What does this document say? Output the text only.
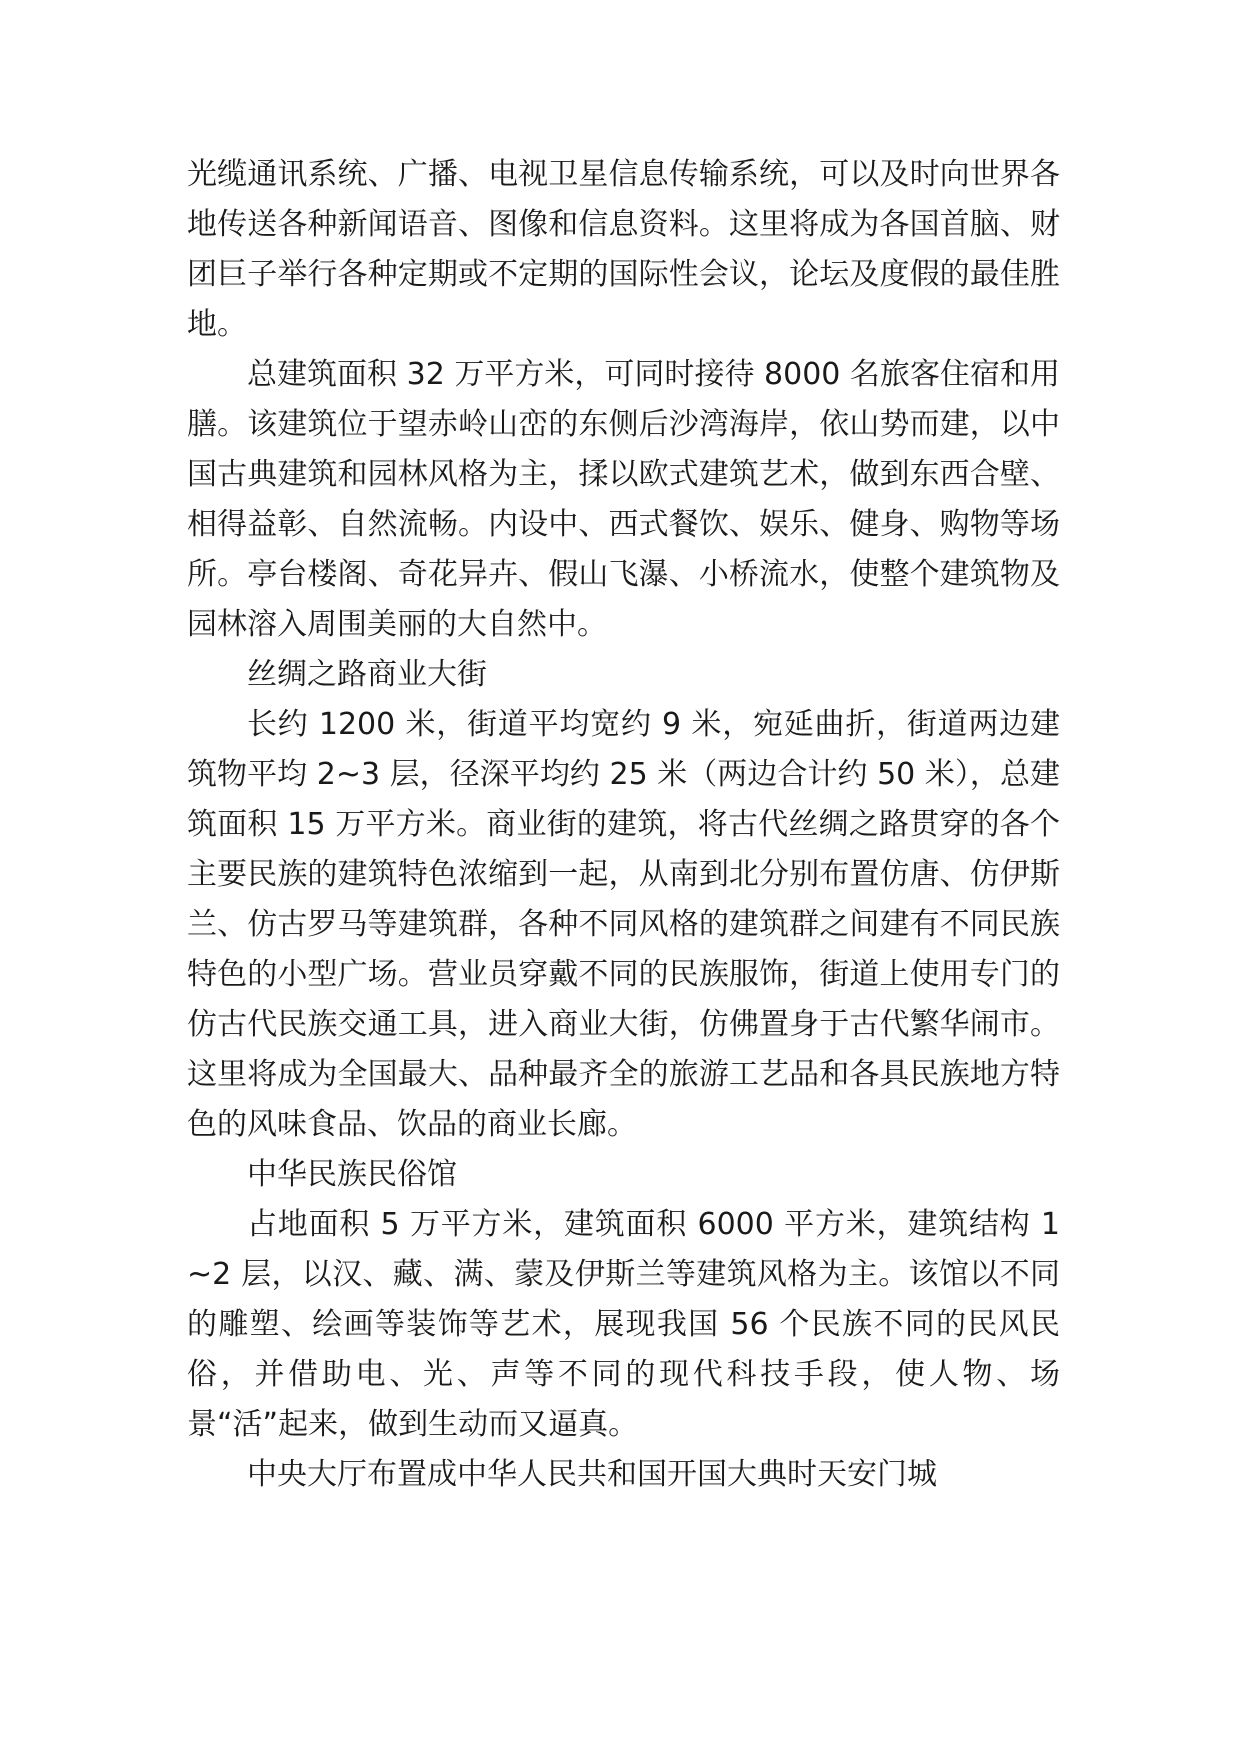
光缆通讯系统、广播、电视卫星信息传输系统，可以及时向世界各地传送各种新闻语音、图像和信息资料。这里将成为各国首脑、财团巨子举行各种定期或不定期的国际性会议，论坛及度假的最佳胜地。

总建筑面积 32 万平方米，可同时接待 8000 名旅客住宿和用膳。该建筑位于望赤岭山峦的东侧后沙湾海岸，依山势而建，以中国古典建筑和园林风格为主，揉以欧式建筑艺术，做到东西合壁、相得益彰、自然流畅。内设中、西式餐饮、娱乐、健身、购物等场所。亭台楼阁、奇花异卉、假山飞瀑、小桥流水，使整个建筑物及园林溶入周围美丽的大自然中。

丝绸之路商业大街

长约 1200 米，街道平均宽约 9 米，宛延曲折，街道两边建筑物平均 2~3 层，径深平均约 25 米（两边合计约 50 米），总建筑面积 15 万平方米。商业街的建筑，将古代丝绸之路贯穿的各个主要民族的建筑特色浓缩到一起，从南到北分别布置仿唐、仿伊斯兰、仿古罗马等建筑群，各种不同风格的建筑群之间建有不同民族特色的小型广场。营业员穿戴不同的民族服饰，街道上使用专门的仿古代民族交通工具，进入商业大街，仿佛置身于古代繁华闹市。这里将成为全国最大、品种最齐全的旅游工艺品和各具民族地方特色的风味食品、饮品的商业长廊。

中华民族民俗馆

占地面积 5 万平方米，建筑面积 6000 平方米，建筑结构 1~2 层，以汉、藏、满、蒙及伊斯兰等建筑风格为主。该馆以不同的雕塑、绘画等装饰等艺术，展现我国 56 个民族不同的民风民俗，并借助电、光、声等不同的现代科技手段，使人物、场景“活”起来，做到生动而又逼真。

中央大厅布置成中华人民共和国开国大典时天安门城
